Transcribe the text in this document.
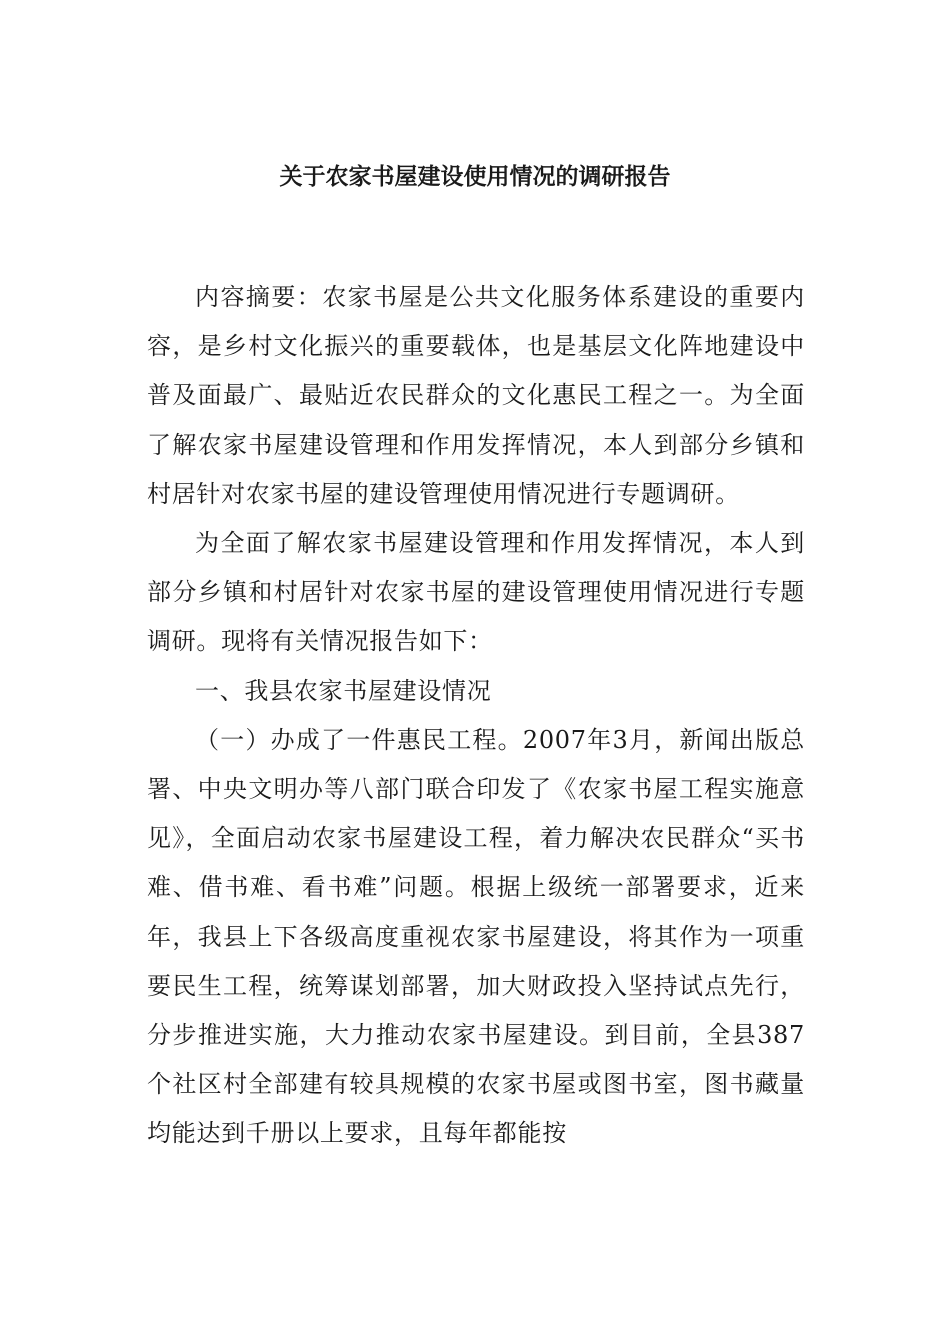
关于农家书屋建设使用情况的调研报告

内容摘要：农家书屋是公共文化服务体系建设的重要内容，是乡村文化振兴的重要载体，也是基层文化阵地建设中普及面最广、最贴近农民群众的文化惠民工程之一。为全面了解农家书屋建设管理和作用发挥情况，本人到部分乡镇和村居针对农家书屋的建设管理使用情况进行专题调研。

为全面了解农家书屋建设管理和作用发挥情况，本人到部分乡镇和村居针对农家书屋的建设管理使用情况进行专题调研。现将有关情况报告如下：

一、我县农家书屋建设情况

（一）办成了一件惠民工程。2007年3月，新闻出版总署、中央文明办等八部门联合印发了《农家书屋工程实施意见》，全面启动农家书屋建设工程，着力解决农民群众“买书难、借书难、看书难”问题。根据上级统一部署要求，近来年，我县上下各级高度重视农家书屋建设，将其作为一项重要民生工程，统筹谋划部署，加大财政投入坚持试点先行，分步推进实施，大力推动农家书屋建设。到目前，全县387个社区村全部建有较具规模的农家书屋或图书室，图书藏量均能达到千册以上要求，且每年都能按
